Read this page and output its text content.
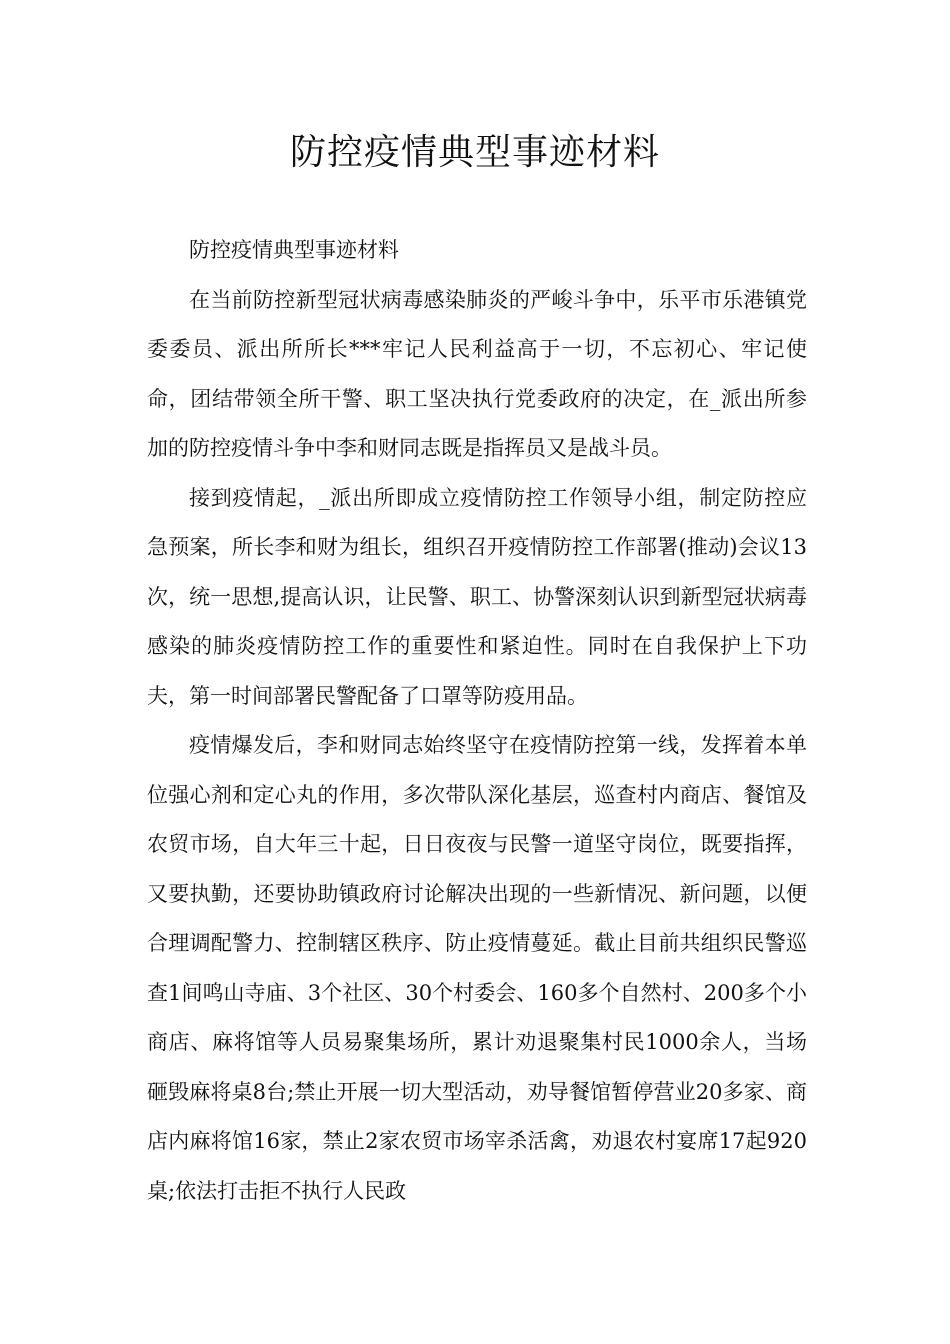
防控疫情典型事迹材料

防控疫情典型事迹材料

在当前防控新型冠状病毒感染肺炎的严峻斗争中，乐平市乐港镇党委委员、派出所所长***牢记人民利益高于一切，不忘初心、牢记使命，团结带领全所干警、职工坚决执行党委政府的决定，在_派出所参加的防控疫情斗争中李和财同志既是指挥员又是战斗员。

接到疫情起，_派出所即成立疫情防控工作领导小组，制定防控应急预案，所长李和财为组长，组织召开疫情防控工作部署(推动)会议13次，统一思想,提高认识，让民警、职工、协警深刻认识到新型冠状病毒感染的肺炎疫情防控工作的重要性和紧迫性。同时在自我保护上下功夫，第一时间部署民警配备了口罩等防疫用品。

疫情爆发后，李和财同志始终坚守在疫情防控第一线，发挥着本单位强心剂和定心丸的作用，多次带队深化基层，巡查村内商店、餐馆及农贸市场，自大年三十起，日日夜夜与民警一道坚守岗位，既要指挥，又要执勤，还要协助镇政府讨论解决出现的一些新情况、新问题，以便合理调配警力、控制辖区秩序、防止疫情蔓延。截止目前共组织民警巡查1间鸣山寺庙、3个社区、30个村委会、160多个自然村、200多个小商店、麻将馆等人员易聚集场所，累计劝退聚集村民1000余人，当场砸毁麻将桌8台;禁止开展一切大型活动，劝导餐馆暂停营业20多家、商店内麻将馆16家，禁止2家农贸市场宰杀活禽，劝退农村宴席17起920桌;依法打击拒不执行人民政
